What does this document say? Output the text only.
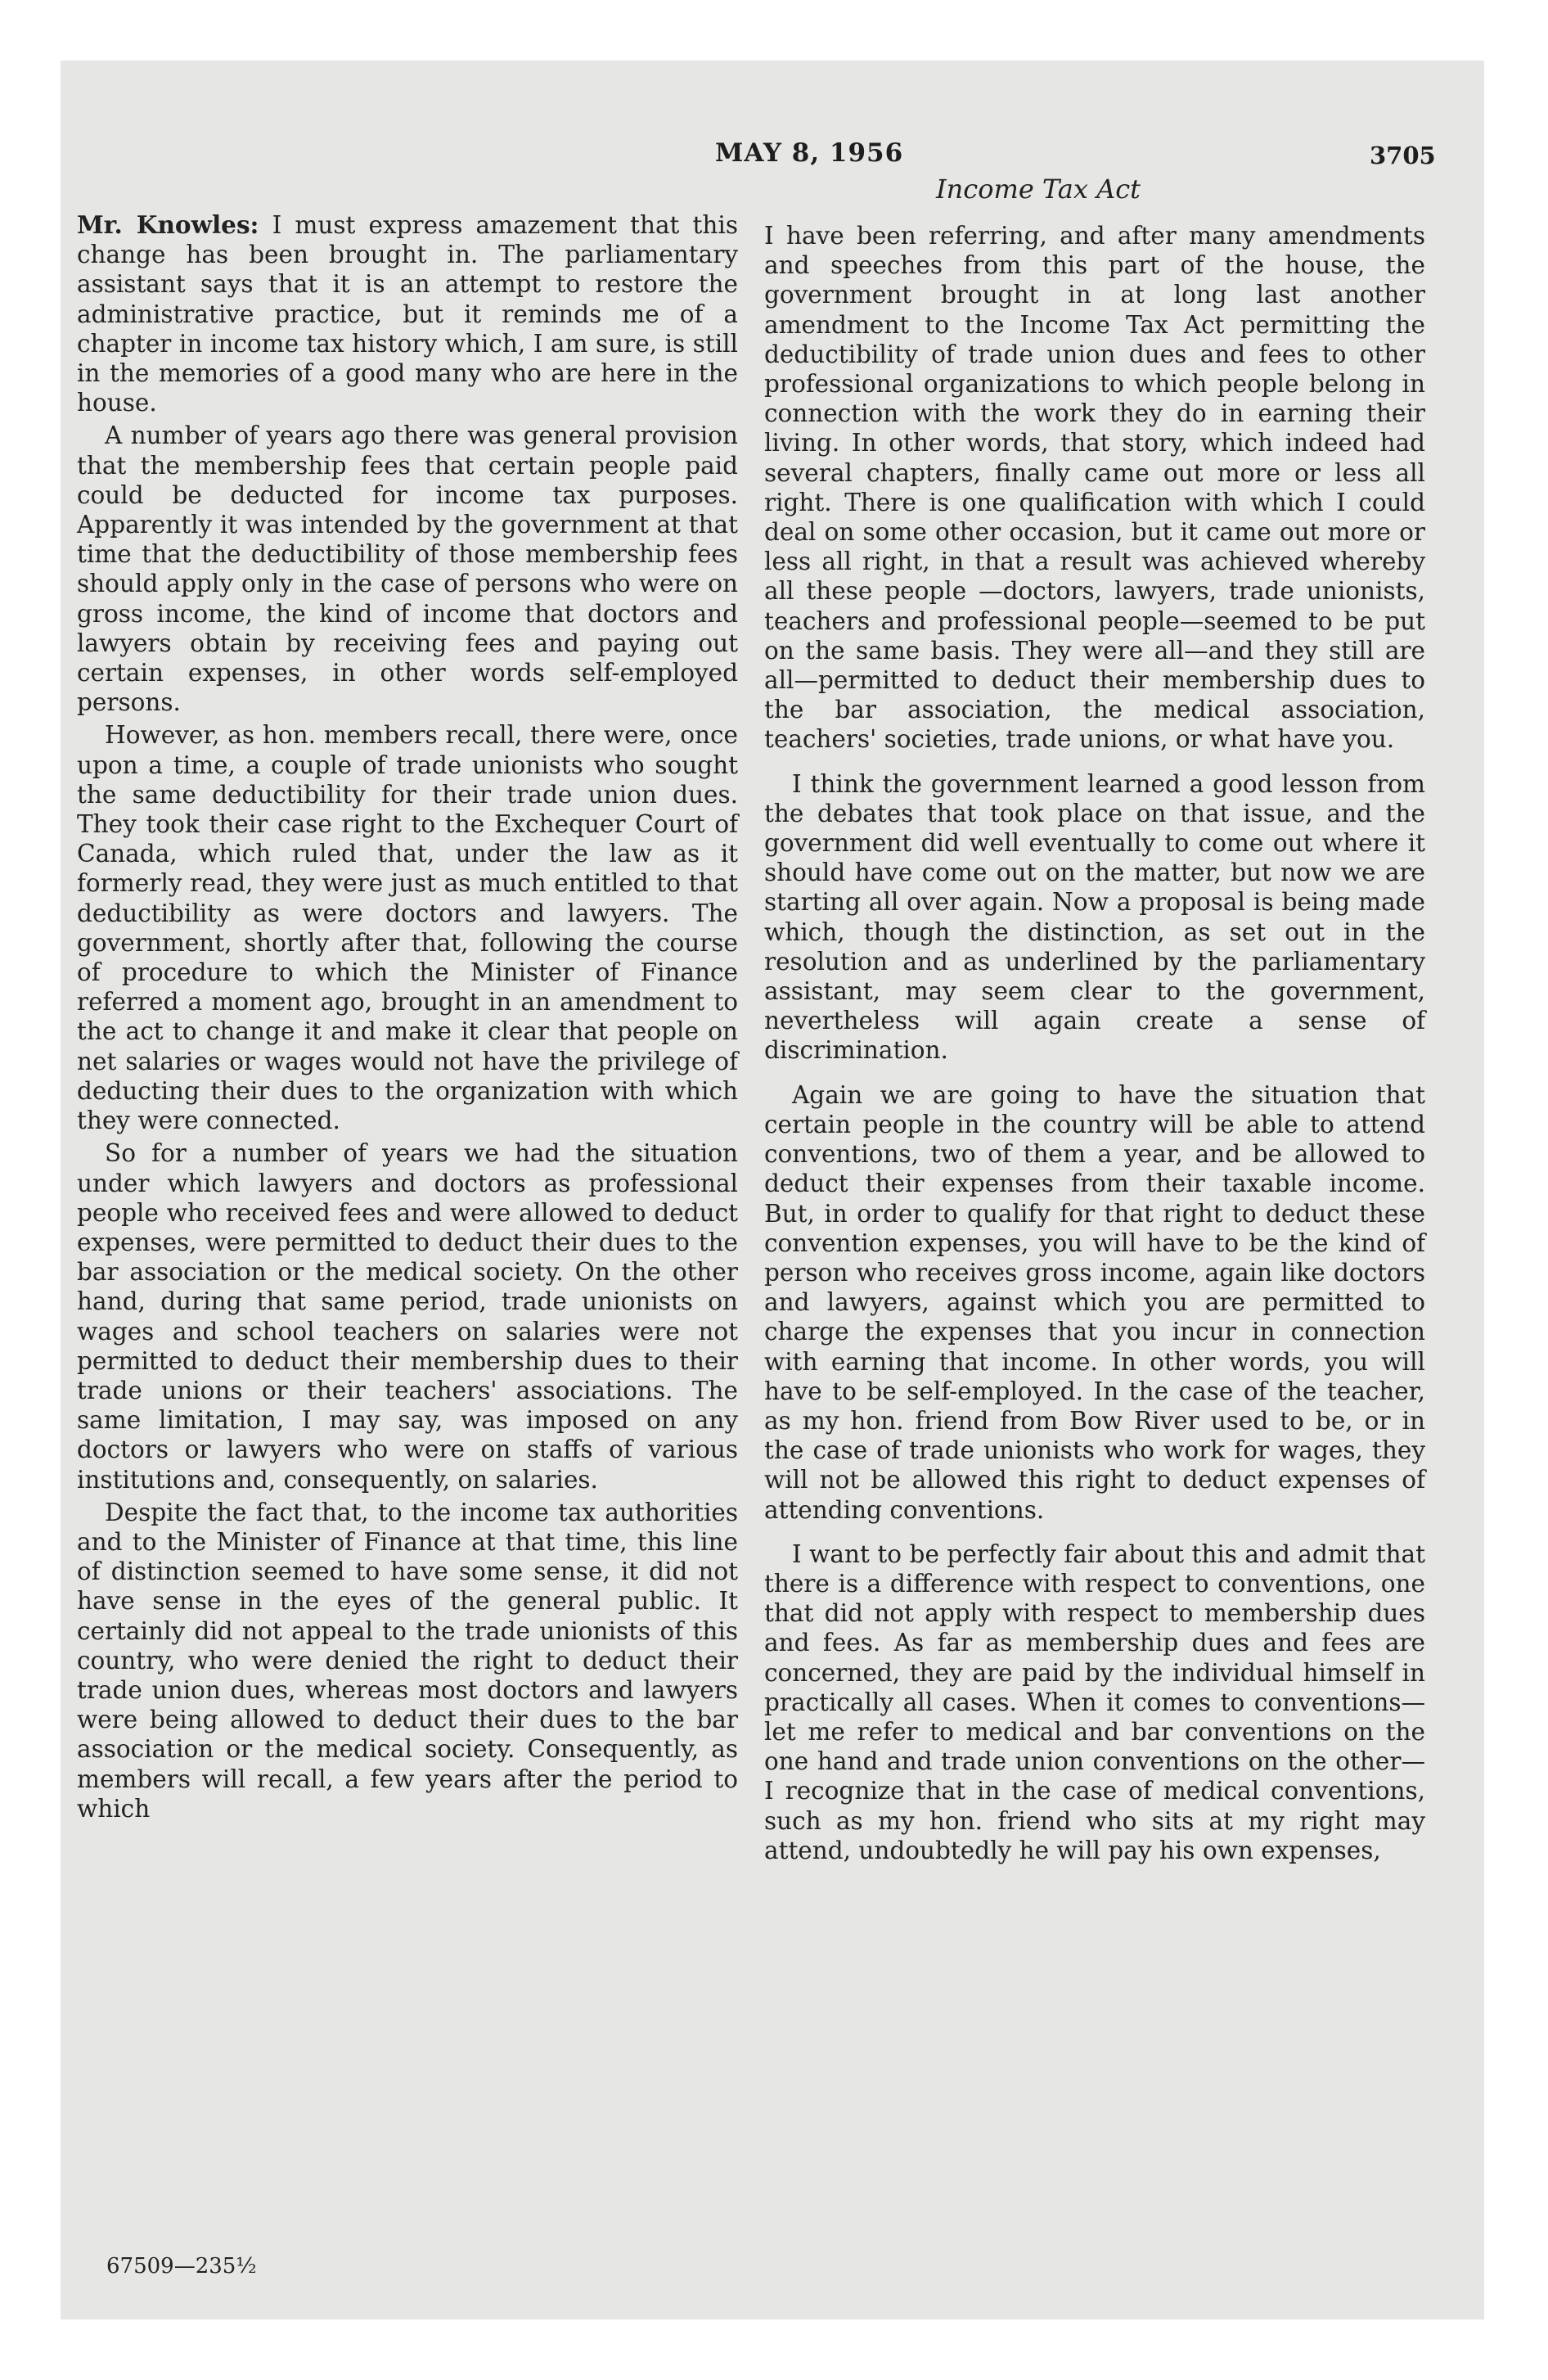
MAY 8, 1956	3705
Income Tax Act

Mr. Knowles: I must express amazement that this change has been brought in. The parliamentary assistant says that it is an attempt to restore the administrative practice, but it reminds me of a chapter in income tax history which, I am sure, is still in the memories of a good many who are here in the house.

A number of years ago there was general provision that the membership fees that certain people paid could be deducted for income tax purposes. Apparently it was intended by the government at that time that the deductibility of those membership fees should apply only in the case of persons who were on gross income, the kind of income that doctors and lawyers obtain by receiving fees and paying out certain expenses, in other words self-employed persons.

However, as hon. members recall, there were, once upon a time, a couple of trade unionists who sought the same deductibility for their trade union dues. They took their case right to the Exchequer Court of Canada, which ruled that, under the law as it formerly read, they were just as much entitled to that deductibility as were doctors and lawyers. The government, shortly after that, following the course of procedure to which the Minister of Finance referred a moment ago, brought in an amendment to the act to change it and make it clear that people on net salaries or wages would not have the privilege of deducting their dues to the organization with which they were connected.

So for a number of years we had the situation under which lawyers and doctors as professional people who received fees and were allowed to deduct expenses, were permitted to deduct their dues to the bar association or the medical society. On the other hand, during that same period, trade unionists on wages and school teachers on salaries were not permitted to deduct their membership dues to their trade unions or their teachers' associations. The same limitation, I may say, was imposed on any doctors or lawyers who were on staffs of various institutions and, consequently, on salaries.

Despite the fact that, to the income tax authorities and to the Minister of Finance at that time, this line of distinction seemed to have some sense, it did not have sense in the eyes of the general public. It certainly did not appeal to the trade unionists of this country, who were denied the right to deduct their trade union dues, whereas most doctors and lawyers were being allowed to deduct their dues to the bar association or the medical society. Consequently, as members will recall, a few years after the period to which

I have been referring, and after many amendments and speeches from this part of the house, the government brought in at long last another amendment to the Income Tax Act permitting the deductibility of trade union dues and fees to other professional organizations to which people belong in connection with the work they do in earning their living. In other words, that story, which indeed had several chapters, finally came out more or less all right. There is one qualification with which I could deal on some other occasion, but it came out more or less all right, in that a result was achieved whereby all these people —doctors, lawyers, trade unionists, teachers and professional people—seemed to be put on the same basis. They were all—and they still are all—permitted to deduct their membership dues to the bar association, the medical association, teachers' societies, trade unions, or what have you.

I think the government learned a good lesson from the debates that took place on that issue, and the government did well eventually to come out where it should have come out on the matter, but now we are starting all over again. Now a proposal is being made which, though the distinction, as set out in the resolution and as underlined by the parliamentary assistant, may seem clear to the government, nevertheless will again create a sense of discrimination.

Again we are going to have the situation that certain people in the country will be able to attend conventions, two of them a year, and be allowed to deduct their expenses from their taxable income. But, in order to qualify for that right to deduct these convention expenses, you will have to be the kind of person who receives gross income, again like doctors and lawyers, against which you are permitted to charge the expenses that you incur in connection with earning that income. In other words, you will have to be self-employed. In the case of the teacher, as my hon. friend from Bow River used to be, or in the case of trade unionists who work for wages, they will not be allowed this right to deduct expenses of attending conventions.

I want to be perfectly fair about this and admit that there is a difference with respect to conventions, one that did not apply with respect to membership dues and fees. As far as membership dues and fees are concerned, they are paid by the individual himself in practically all cases. When it comes to conventions—let me refer to medical and bar conventions on the one hand and trade union conventions on the other—I recognize that in the case of medical conventions, such as my hon. friend who sits at my right may attend, undoubtedly he will pay his own expenses,

67509—235½
